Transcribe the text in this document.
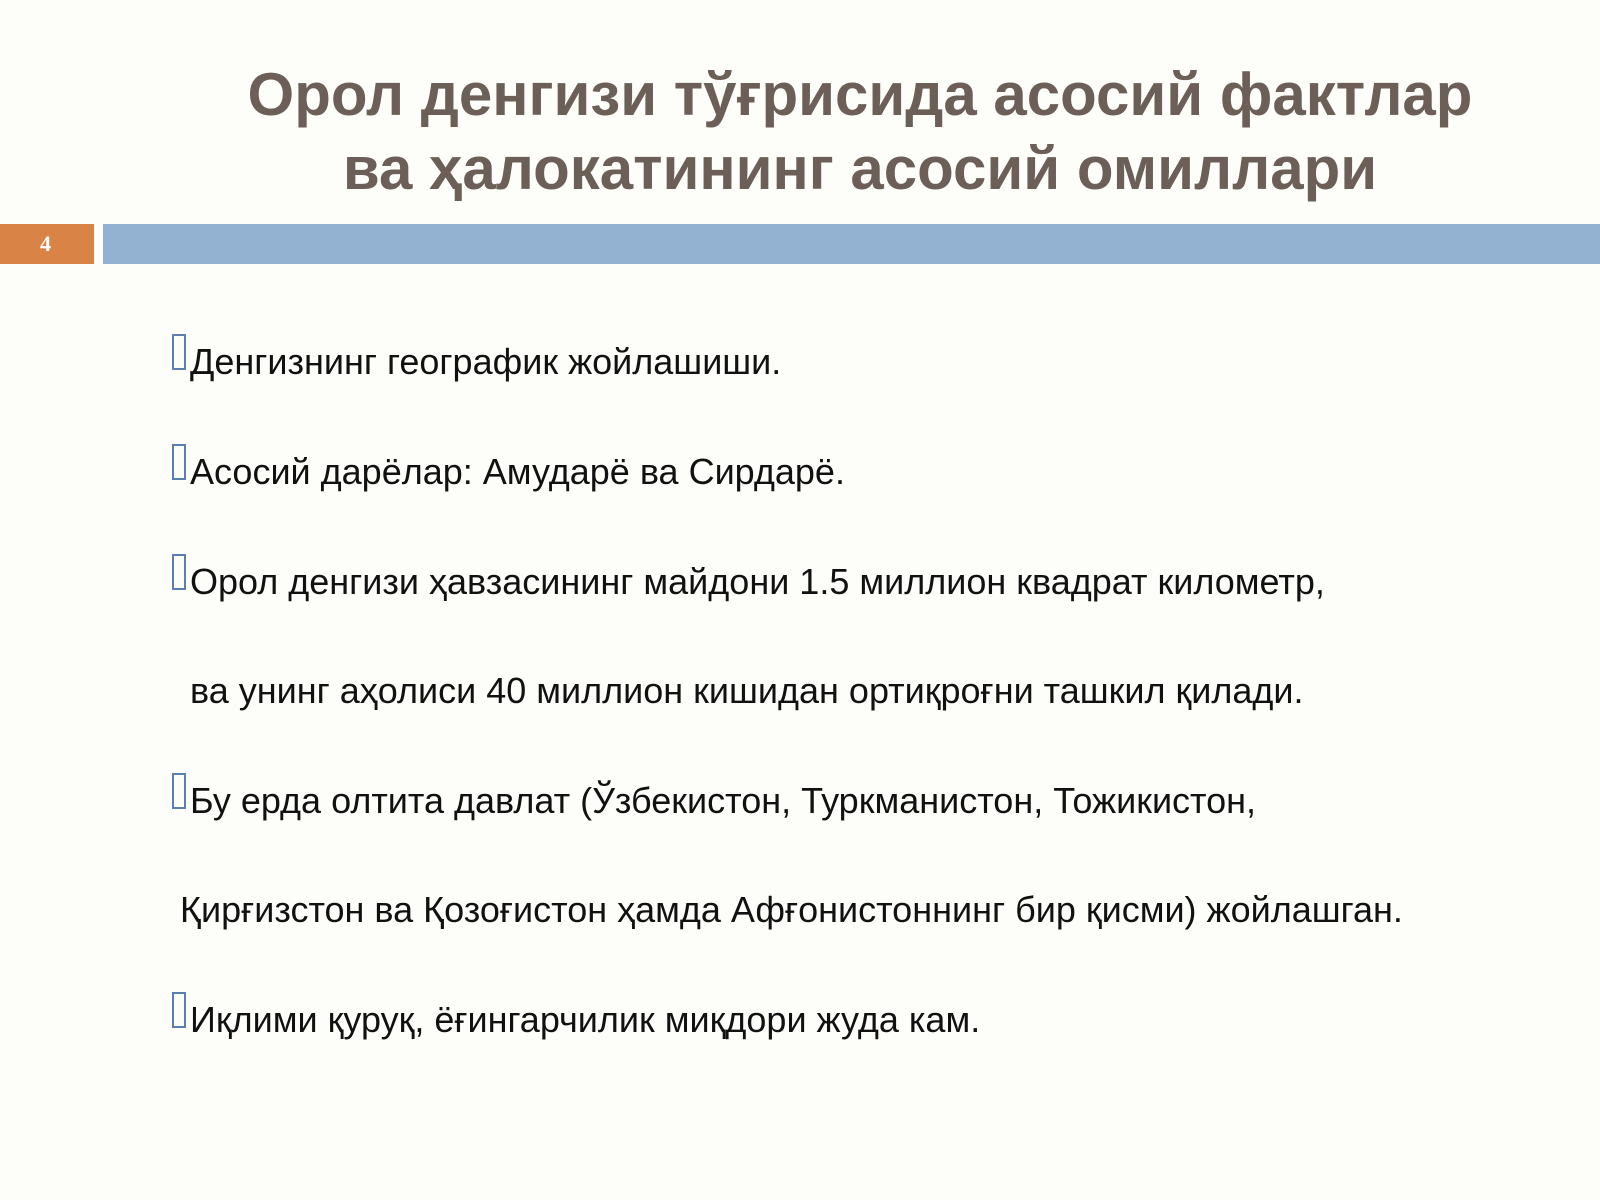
Орол денгизи тўғрисида асосий фактлар
ва ҳалокатининг асосий омиллари
4
Денгизнинг географик жойлашиши.
Асосий дарёлар: Амударё ва Сирдарё.
Орол денгизи ҳавзасининг майдони 1.5 миллион квадрат километр,
ва унинг аҳолиси 40 миллион кишидан ортиқроғни ташкил қилади.
Бу ерда олтита давлат (Ўзбекистон, Туркманистон, Тожикистон,
Қирғизстон ва Қозоғистон ҳамда Афғонистоннинг бир қисми) жойлашган.
Иқлими қуруқ, ёғингарчилик миқдори жуда кам.
